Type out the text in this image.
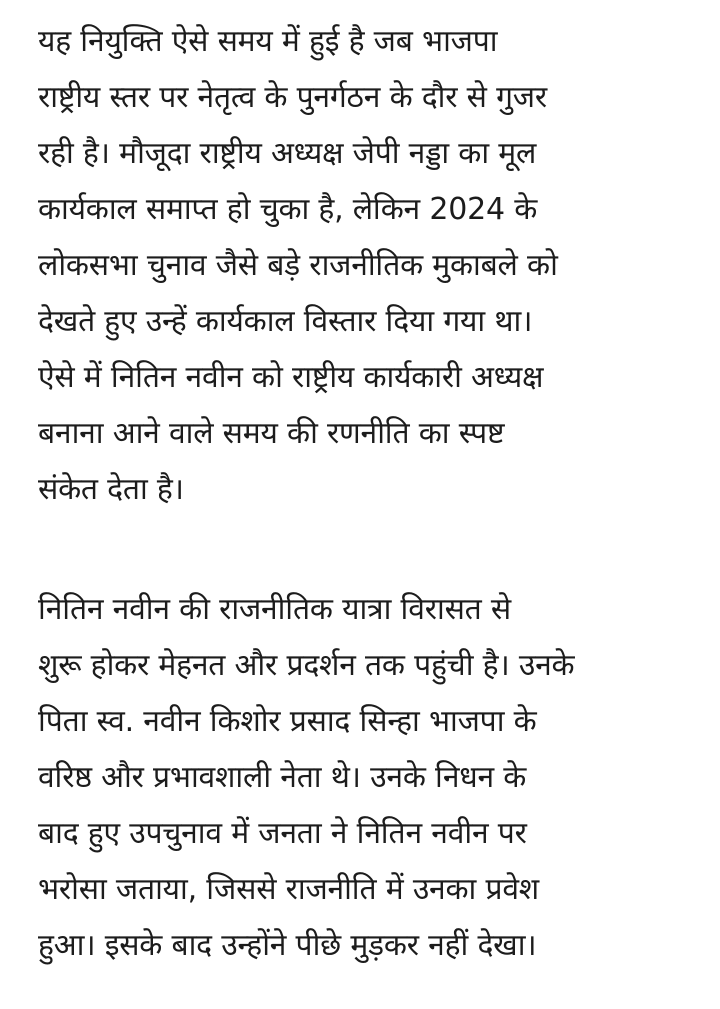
यह नियुक्ति ऐसे समय में हुई है जब भाजपा
राष्ट्रीय स्तर पर नेतृत्व के पुनर्गठन के दौर से गुजर
रही है। मौजूदा राष्ट्रीय अध्यक्ष जेपी नड्डा का मूल
कार्यकाल समाप्त हो चुका है, लेकिन 2024 के
लोकसभा चुनाव जैसे बड़े राजनीतिक मुकाबले को
देखते हुए उन्हें कार्यकाल विस्तार दिया गया था।
ऐसे में नितिन नवीन को राष्ट्रीय कार्यकारी अध्यक्ष
बनाना आने वाले समय की रणनीति का स्पष्ट
संकेत देता है।

नितिन नवीन की राजनीतिक यात्रा विरासत से
शुरू होकर मेहनत और प्रदर्शन तक पहुंची है। उनके
पिता स्व. नवीन किशोर प्रसाद सिन्हा भाजपा के
वरिष्ठ और प्रभावशाली नेता थे। उनके निधन के
बाद हुए उपचुनाव में जनता ने नितिन नवीन पर
भरोसा जताया, जिससे राजनीति में उनका प्रवेश
हुआ। इसके बाद उन्होंने पीछे मुड़कर नहीं देखा।
